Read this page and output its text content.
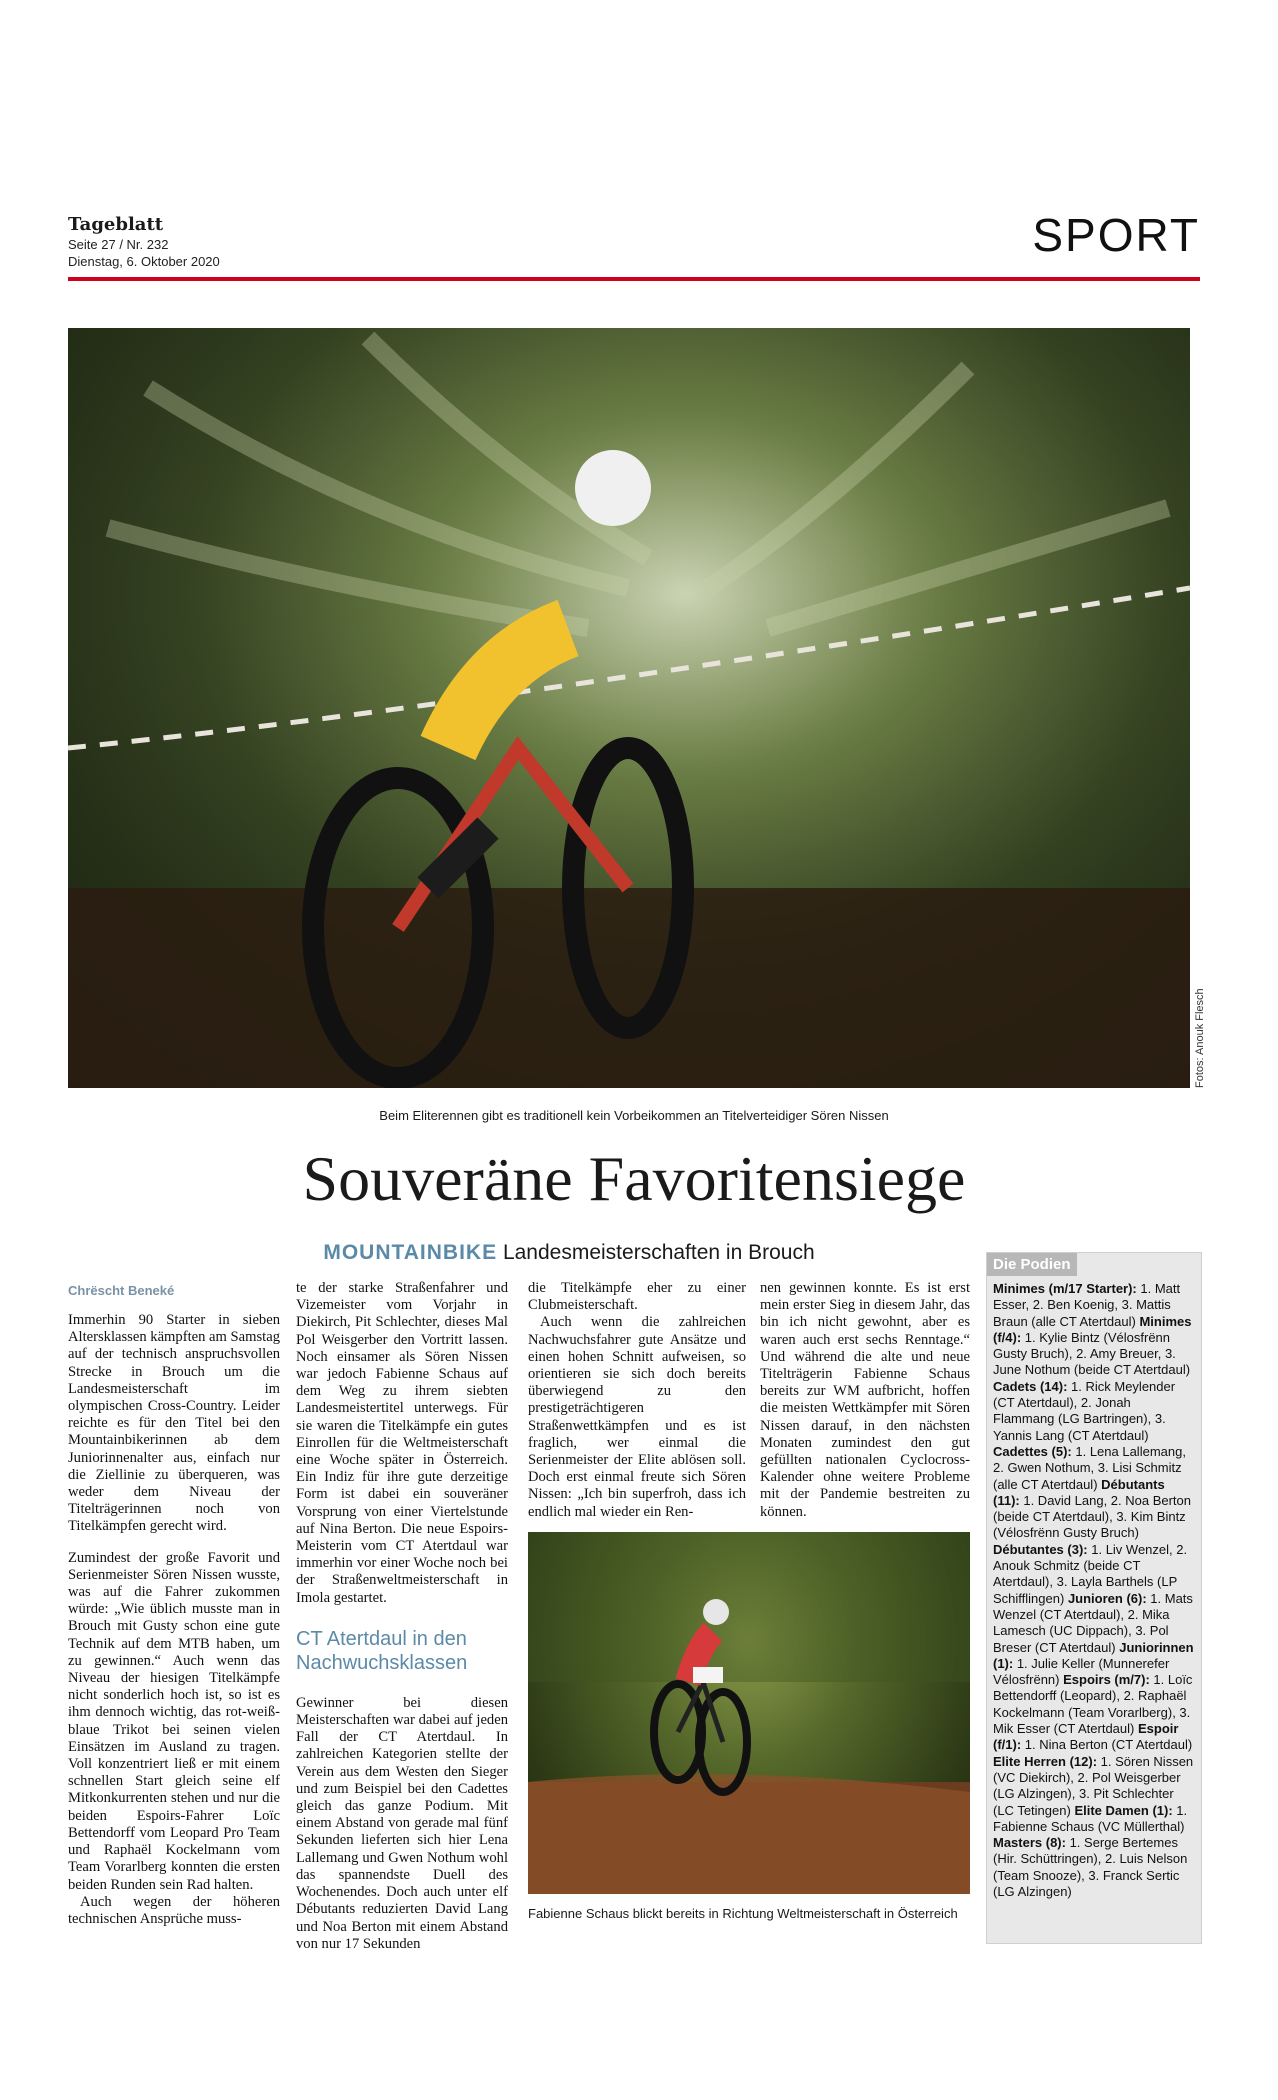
Tageblatt
Seite 27 / Nr. 232
Dienstag, 6. Oktober 2020
SPORT
Fotos: Anouk Flesch
Beim Eliterennen gibt es traditionell kein Vorbeikommen an Titelverteidiger Sören Nissen
Souveräne Favoritensiege
MOUNTAINBIKE Landesmeisterschaften in Brouch
Chrëscht Beneké

Immerhin 90 Starter in sieben Altersklassen kämpften am Samstag auf der technisch anspruchsvollen Strecke in Brouch um die Landesmeisterschaft im olympischen Cross-Country. Leider reichte es für den Titel bei den Mountainbikerinnen ab dem Juniorinnenalter aus, einfach nur die Ziellinie zu überqueren, was weder dem Niveau der Titelträgerinnen noch von Titelkämpfen gerecht wird.

Zumindest der große Favorit und Serienmeister Sören Nissen wusste, was auf die Fahrer zukommen würde: „Wie üblich musste man in Brouch mit Gusty schon eine gute Technik auf dem MTB haben, um zu gewinnen.“ Auch wenn das Niveau der hiesigen Titelkämpfe nicht sonderlich hoch ist, so ist es ihm dennoch wichtig, das rot-weiß-blaue Trikot bei seinen vielen Einsätzen im Ausland zu tragen. Voll konzentriert ließ er mit einem schnellen Start gleich seine elf Mitkonkurrenten stehen und nur die beiden Espoirs-Fahrer Loïc Bettendorff vom Leopard Pro Team und Raphaël Kockelmann vom Team Vorarlberg konnten die ersten beiden Runden sein Rad halten.

Auch wegen der höheren technischen Ansprüche muss-

te der starke Straßenfahrer und Vizemeister vom Vorjahr in Diekirch, Pit Schlechter, dieses Mal Pol Weisgerber den Vortritt lassen. Noch einsamer als Sören Nissen war jedoch Fabienne Schaus auf dem Weg zu ihrem siebten Landesmeistertitel unterwegs. Für sie waren die Titelkämpfe ein gutes Einrollen für die Weltmeisterschaft eine Woche später in Österreich. Ein Indiz für ihre gute derzeitige Form ist dabei ein souveräner Vorsprung von einer Viertelstunde auf Nina Berton. Die neue Espoirs-Meisterin vom CT Atertdaul war immerhin vor einer Woche noch bei der Straßenweltmeisterschaft in Imola gestartet.

CT Atertdaul in den Nachwuchsklassen

Gewinner bei diesen Meisterschaften war dabei auf jeden Fall der CT Atertdaul. In zahlreichen Kategorien stellte der Verein aus dem Westen den Sieger und zum Beispiel bei den Cadettes gleich das ganze Podium. Mit einem Abstand von gerade mal fünf Sekunden lieferten sich hier Lena Lallemang und Gwen Nothum wohl das spannendste Duell des Wochenendes. Doch auch unter elf Débutants reduzierten David Lang und Noa Berton mit einem Abstand von nur 17 Sekunden

die Titelkämpfe eher zu einer Clubmeisterschaft.

Auch wenn die zahlreichen Nachwuchsfahrer gute Ansätze und einen hohen Schnitt aufweisen, so orientieren sie sich doch bereits überwiegend zu den prestigeträchtigeren Straßenwettkämpfen und es ist fraglich, wer einmal die Serienmeister der Elite ablösen soll. Doch erst einmal freute sich Sören Nissen: „Ich bin superfroh, dass ich endlich mal wieder ein Ren-

nen gewinnen konnte. Es ist erst mein erster Sieg in diesem Jahr, das bin ich nicht gewohnt, aber es waren auch erst sechs Renntage.“ Und während die alte und neue Titelträgerin Fabienne Schaus bereits zur WM aufbricht, hoffen die meisten Wettkämpfer mit Sören Nissen darauf, in den nächsten Monaten zumindest den gut gefüllten nationalen Cyclocross-Kalender ohne weitere Probleme mit der Pandemie bestreiten zu können.

Fabienne Schaus blickt bereits in Richtung Weltmeisterschaft in Österreich
Die Podien
Minimes (m/17 Starter): 1. Matt Esser, 2. Ben Koenig, 3. Mattis Braun (alle CT Atertdaul) Minimes (f/4): 1. Kylie Bintz (Vélosfrënn Gusty Bruch), 2. Amy Breuer, 3. June Nothum (beide CT Atertdaul) Cadets (14): 1. Rick Meylender (CT Atertdaul), 2. Jonah Flammang (LG Bartringen), 3. Yannis Lang (CT Atertdaul) Cadettes (5): 1. Lena Lallemang, 2. Gwen Nothum, 3. Lisi Schmitz (alle CT Atertdaul) Débutants (11): 1. David Lang, 2. Noa Berton (beide CT Atertdaul), 3. Kim Bintz (Vélosfrënn Gusty Bruch) Débutantes (3): 1. Liv Wenzel, 2. Anouk Schmitz (beide CT Atertdaul), 3. Layla Barthels (LP Schifflingen) Junioren (6): 1. Mats Wenzel (CT Atertdaul), 2. Mika Lamesch (UC Dippach), 3. Pol Breser (CT Atertdaul) Juniorinnen (1): 1. Julie Keller (Munnerefer Vélosfrënn) Espoirs (m/7): 1. Loïc Bettendorff (Leopard), 2. Raphaël Kockelmann (Team Vorarlberg), 3. Mik Esser (CT Atertdaul) Espoir (f/1): 1. Nina Berton (CT Atertdaul) Elite Herren (12): 1. Sören Nissen (VC Diekirch), 2. Pol Weisgerber (LG Alzingen), 3. Pit Schlechter (LC Tetingen) Elite Damen (1): 1. Fabienne Schaus (VC Müllerthal) Masters (8): 1. Serge Bertemes (Hir. Schüttringen), 2. Luis Nelson (Team Snooze), 3. Franck Sertic (LG Alzingen)
